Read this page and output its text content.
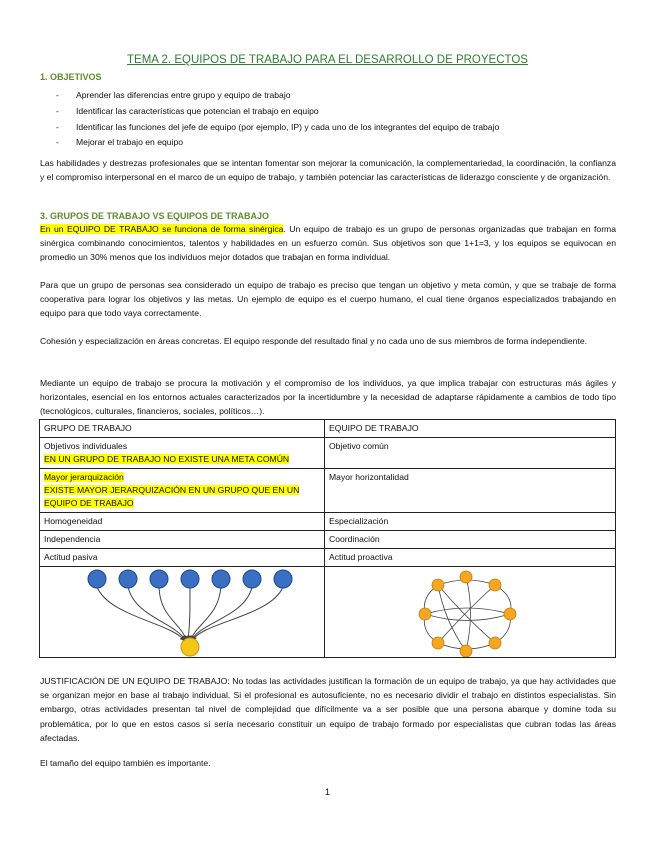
TEMA 2. EQUIPOS DE TRABAJO PARA EL DESARROLLO DE PROYECTOS
1. OBJETIVOS
- Aprender las diferencias entre grupo y equipo de trabajo
- Identificar las características que potencian el trabajo en equipo
- Identificar las funciones del jefe de equipo (por ejemplo, IP) y cada uno de los integrantes del equipo de trabajo
- Mejorar el trabajo en equipo

Las habilidades y destrezas profesionales que se intentan fomentar son mejorar la comunicación, la complementariedad, la coordinación, la confianza y el compromiso interpersonal en el marco de un equipo de trabajo, y también potenciar las características de liderazgo consciente y de organización.

3. GRUPOS DE TRABAJO VS EQUIPOS DE TRABAJO

En un EQUIPO DE TRABAJO se funciona de forma sinérgica. Un equipo de trabajo es un grupo de personas organizadas que trabajan en forma sinérgica combinando conocimientos, talentos y habilidades en un esfuerzo común. Sus objetivos son que 1+1=3, y los equipos se equivocan en promedio un 30% menos que los individuos mejor dotados que trabajan en forma individual.

Para que un grupo de personas sea considerado un equipo de trabajo es preciso que tengan un objetivo y meta común, y que se trabaje de forma cooperativa para lograr los objetivos y las metas. Un ejemplo de equipo es el cuerpo humano, el cual tiene órganos especializados trabajando en equipo para que todo vaya correctamente.

Cohesión y especialización en áreas concretas. El equipo responde del resultado final y no cada uno de sus miembros de forma independiente.

Mediante un equipo de trabajo se procura la motivación y el compromiso de los individuos, ya que implica trabajar con estructuras más ágiles y horizontales, esencial en los entornos actuales caracterizados por la incertidumbre y la necesidad de adaptarse rápidamente a cambios de todo tipo (tecnológicos, culturales, financieros, sociales, políticos…).

GRUPO DE TRABAJO	EQUIPO DE TRABAJO

Objetivos individuales
EN UN GRUPO DE TRABAJO NO EXISTE UNA META COMÚN	Objetivo común

Mayor jerarquización
EXISTE MAYOR JERARQUIZACIÓN EN UN GRUPO QUE EN UN EQUIPO DE TRABAJO	Mayor horizontalidad
Homogeneidad	Especialización
Independencia	Coordinación
Actitud pasiva	Actitud proactiva

JUSTIFICACIÓN DE UN EQUIPO DE TRABAJO: No todas las actividades justifican la formación de un equipo de trabajo, ya que hay actividades que se organizan mejor en base al trabajo individual. Si el profesional es autosuficiente, no es necesario dividir el trabajo en distintos especialistas. Sin embargo, otras actividades presentan tal nivel de complejidad que difícilmente va a ser posible que una persona abarque y domine toda su problemática, por lo que en estos casos sí sería necesario constituir un equipo de trabajo formado por especialistas que cubran todas las áreas afectadas.

El tamaño del equipo también es importante.

1
